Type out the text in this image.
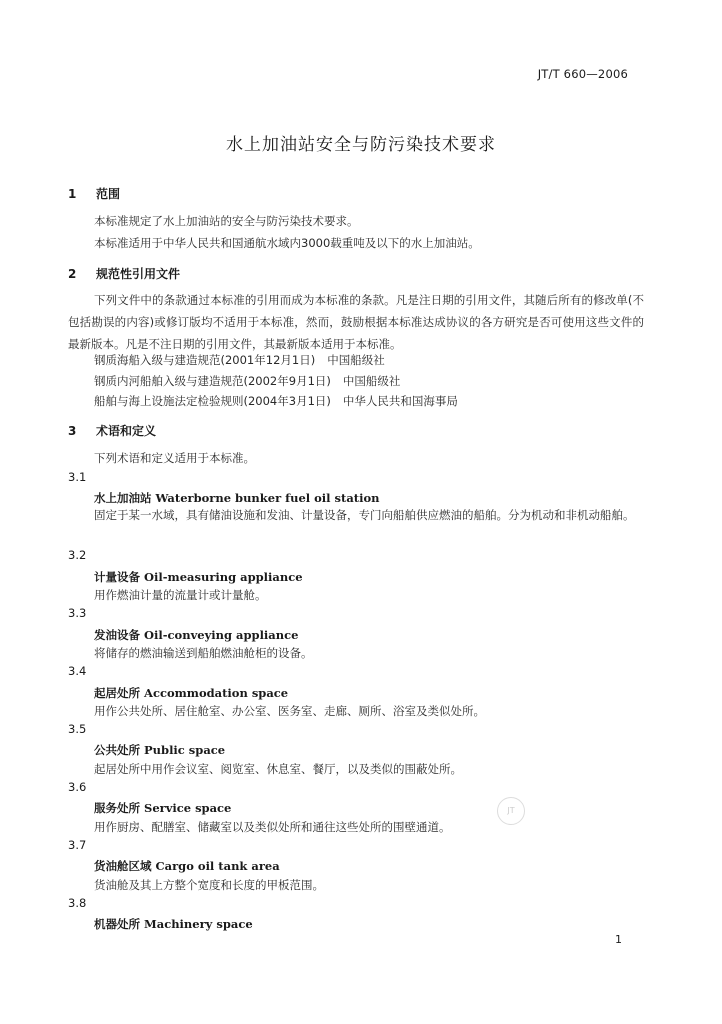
JT/T 660—2006
水上加油站安全与防污染技术要求
1 范围
本标准规定了水上加油站的安全与防污染技术要求。
本标准适用于中华人民共和国通航水域内3000载重吨及以下的水上加油站。
2 规范性引用文件
下列文件中的条款通过本标准的引用而成为本标准的条款。凡是注日期的引用文件，其随后所有的修改单(不包括勘误的内容)或修订版均不适用于本标准，然而，鼓励根据本标准达成协议的各方研究是否可使用这些文件的最新版本。凡是不注日期的引用文件，其最新版本适用于本标准。
钢质海船入级与建造规范(2001年12月1日) 中国船级社
钢质内河船舶入级与建造规范(2002年9月1日) 中国船级社
船舶与海上设施法定检验规则(2004年3月1日) 中华人民共和国海事局
3 术语和定义
下列术语和定义适用于本标准。
3.1
水上加油站 Waterborne bunker fuel oil station
固定于某一水域，具有储油设施和发油、计量设备，专门向船舶供应燃油的船舶。分为机动和非机动船舶。
3.2
计量设备 Oil-measuring appliance
用作燃油计量的流量计或计量舱。
3.3
发油设备 Oil-conveying appliance
将储存的燃油输送到船舶燃油舱柜的设备。
3.4
起居处所 Accommodation space
用作公共处所、居住舱室、办公室、医务室、走廊、厕所、浴室及类似处所。
3.5
公共处所 Public space
起居处所中用作会议室、阅览室、休息室、餐厅，以及类似的围蔽处所。
3.6
服务处所 Service space
用作厨房、配膳室、储藏室以及类似处所和通往这些处所的围壁通道。
3.7
货油舱区域 Cargo oil tank area
货油舱及其上方整个宽度和长度的甲板范围。
3.8
机器处所 Machinery space
JT
1
